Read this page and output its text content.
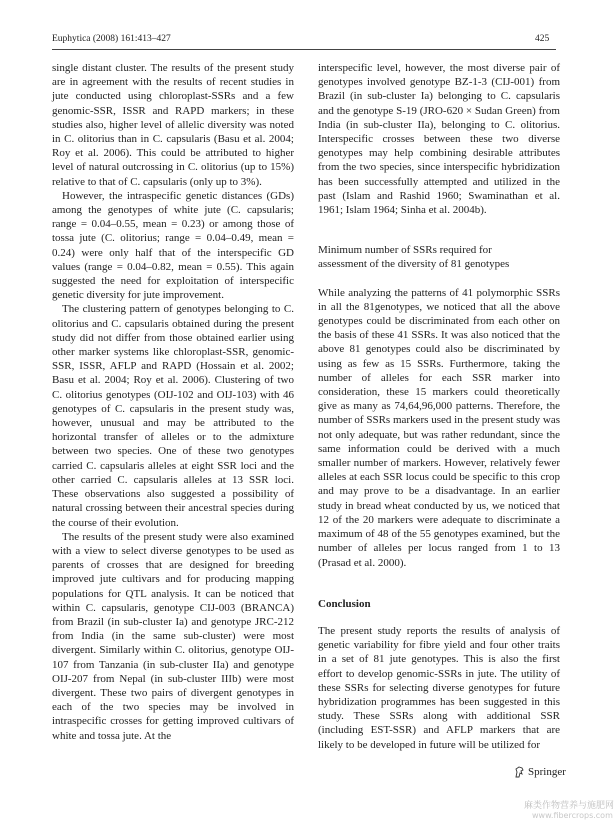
Euphytica (2008) 161:413–427	425

single distant cluster. The results of the present study are in agreement with the results of recent studies in jute conducted using chloroplast-SSRs and a few genomic-SSR, ISSR and RAPD markers; in these studies also, higher level of allelic diversity was noted in C. olitorius than in C. capsularis (Basu et al. 2004; Roy et al. 2006). This could be attributed to higher level of natural outcrossing in C. olitorius (up to 15%) relative to that of C. capsularis (only up to 3%).

However, the intraspecific genetic distances (GDs) among the genotypes of white jute (C. capsularis; range = 0.04–0.55, mean = 0.23) or among those of tossa jute (C. olitorius; range = 0.04–0.49, mean = 0.24) were only half that of the interspecific GD values (range = 0.04–0.82, mean = 0.55). This again suggested the need for exploitation of interspecific genetic diversity for jute improvement.

The clustering pattern of genotypes belonging to C. olitorius and C. capsularis obtained during the present study did not differ from those obtained earlier using other marker systems like chloroplast-SSR, genomic-SSR, ISSR, AFLP and RAPD (Hossain et al. 2002; Basu et al. 2004; Roy et al. 2006). Clustering of two C. olitorius genotypes (OIJ-102 and OIJ-103) with 46 genotypes of C. capsularis in the present study was, however, unusual and may be attributed to the horizontal transfer of alleles or to the admixture between two species. One of these two genotypes carried C. capsularis alleles at eight SSR loci and the other carried C. capsularis alleles at 13 SSR loci. These observations also suggested a possibility of natural crossing between their ancestral species during the course of their evolution.

The results of the present study were also examined with a view to select diverse genotypes to be used as parents of crosses that are designed for breeding improved jute cultivars and for producing mapping populations for QTL analysis. It can be noticed that within C. capsularis, genotype CIJ-003 (BRANCA) from Brazil (in sub-cluster Ia) and genotype JRC-212 from India (in the same sub-cluster) were most divergent. Similarly within C. olitorius, genotype OIJ-107 from Tanzania (in sub-cluster IIa) and genotype OIJ-207 from Nepal (in sub-cluster IIIb) were most divergent. These two pairs of divergent genotypes in each of the two species may be involved in intraspecific crosses for getting improved cultivars of white and tossa jute. At the

interspecific level, however, the most diverse pair of genotypes involved genotype BZ-1-3 (CIJ-001) from Brazil (in sub-cluster Ia) belonging to C. capsularis and the genotype S-19 (JRO-620 × Sudan Green) from India (in sub-cluster IIa), belonging to C. olitorius. Interspecific crosses between these two diverse genotypes may help combining desirable attributes from the two species, since interspecific hybridization has been successfully attempted and utilized in the past (Islam and Rashid 1960; Swaminathan et al. 1961; Islam 1964; Sinha et al. 2004b).

Minimum number of SSRs required for
assessment of the diversity of 81 genotypes

While analyzing the patterns of 41 polymorphic SSRs in all the 81genotypes, we noticed that all the above genotypes could be discriminated from each other on the basis of these 41 SSRs. It was also noticed that the above 81 genotypes could also be discriminated by using as few as 15 SSRs. Furthermore, taking the number of alleles for each SSR marker into consideration, these 15 markers could theoretically give as many as 74,64,96,000 patterns. Therefore, the number of SSRs markers used in the present study was not only adequate, but was rather redundant, since the same information could be derived with a much smaller number of markers. However, relatively fewer alleles at each SSR locus could be specific to this crop and may prove to be a disadvantage. In an earlier study in bread wheat conducted by us, we noticed that 12 of the 20 markers were adequate to discriminate a maximum of 48 of the 55 genotypes examined, but the number of alleles per locus ranged from 1 to 13 (Prasad et al. 2000).

Conclusion

The present study reports the results of analysis of genetic variability for fibre yield and four other traits in a set of 81 jute genotypes. This is also the first effort to develop genomic-SSRs in jute. The utility of these SSRs for selecting diverse genotypes for future hybridization programmes has been suggested in this study. These SSRs along with additional SSR (including EST-SSR) and AFLP markers that are likely to be developed in future will be utilized for

Springer
麻类作物营养与施肥网
www.fibercrops.com
